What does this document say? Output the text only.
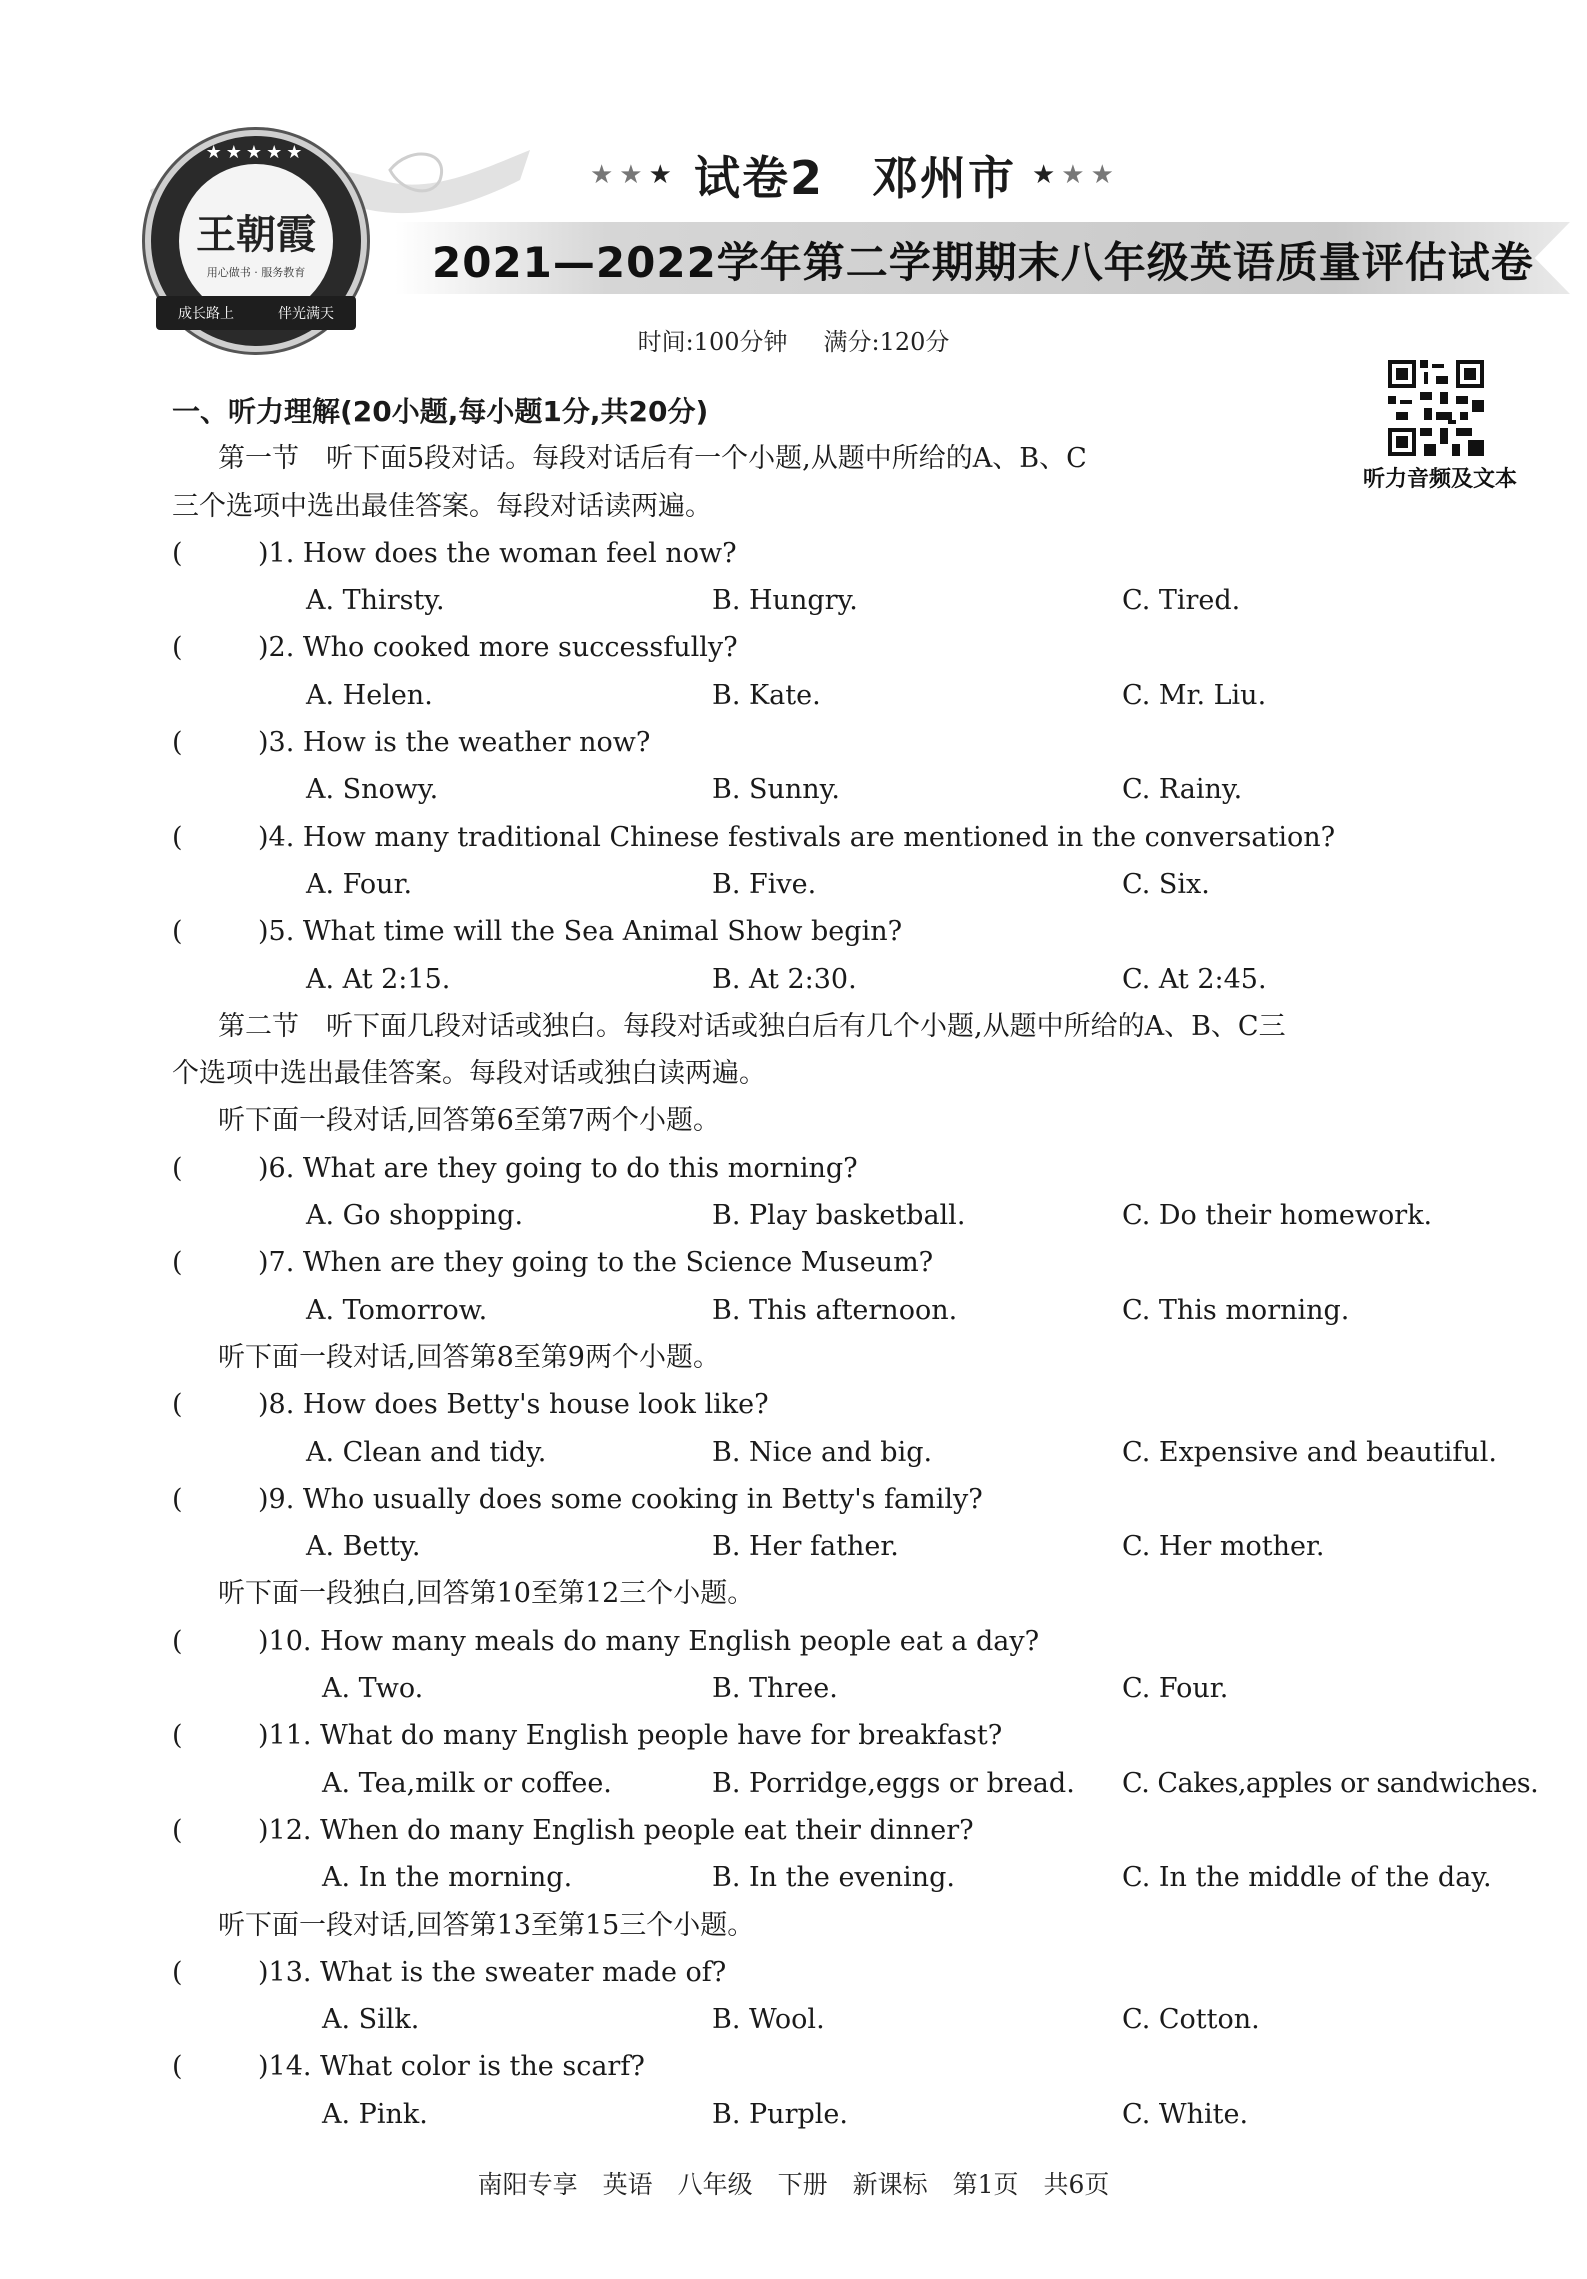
★★★★★
王朝霞
用心做书 · 服务教育
成长路上	伴光满天
★★★ 试卷2　邓州市 ★★★
2021—2022学年第二学期期末八年级英语质量评估试卷
时间:100分钟 满分:120分
听力音频及文本
一、听力理解(20小题,每小题1分,共20分)
第一节　听下面5段对话。每段对话后有一个小题,从题中所给的A、B、C
三个选项中选出最佳答案。每段对话读两遍。
(	)1. How does the woman feel now?
A. Thirsty.	B. Hungry.	C. Tired.
(	)2. Who cooked more successfully?
A. Helen.	B. Kate.	C. Mr. Liu.
(	)3. How is the weather now?
A. Snowy.	B. Sunny.	C. Rainy.
(	)4. How many traditional Chinese festivals are mentioned in the conversation?
A. Four.	B. Five.	C. Six.
(	)5. What time will the Sea Animal Show begin?
A. At 2:15.	B. At 2:30.	C. At 2:45.
第二节　听下面几段对话或独白。每段对话或独白后有几个小题,从题中所给的A、B、C三
个选项中选出最佳答案。每段对话或独白读两遍。
听下面一段对话,回答第6至第7两个小题。
(	)6. What are they going to do this morning?
A. Go shopping.	B. Play basketball.	C. Do their homework.
(	)7. When are they going to the Science Museum?
A. Tomorrow.	B. This afternoon.	C. This morning.
听下面一段对话,回答第8至第9两个小题。
(	)8. How does Betty's house look like?
A. Clean and tidy.	B. Nice and big.	C. Expensive and beautiful.
(	)9. Who usually does some cooking in Betty's family?
A. Betty.	B. Her father.	C. Her mother.
听下面一段独白,回答第10至第12三个小题。
(	)10. How many meals do many English people eat a day?
A. Two.	B. Three.	C. Four.
(	)11. What do many English people have for breakfast?
A. Tea,milk or coffee.	B. Porridge,eggs or bread. C. Cakes,apples or sandwiches.
(	)12. When do many English people eat their dinner?
A. In the morning.	B. In the evening.	C. In the middle of the day.
听下面一段对话,回答第13至第15三个小题。
(	)13. What is the sweater made of?
A. Silk.	B. Wool.	C. Cotton.
(	)14. What color is the scarf?
A. Pink.	B. Purple.	C. White.
南阳专享　英语　八年级　下册　新课标　第1页　共6页
